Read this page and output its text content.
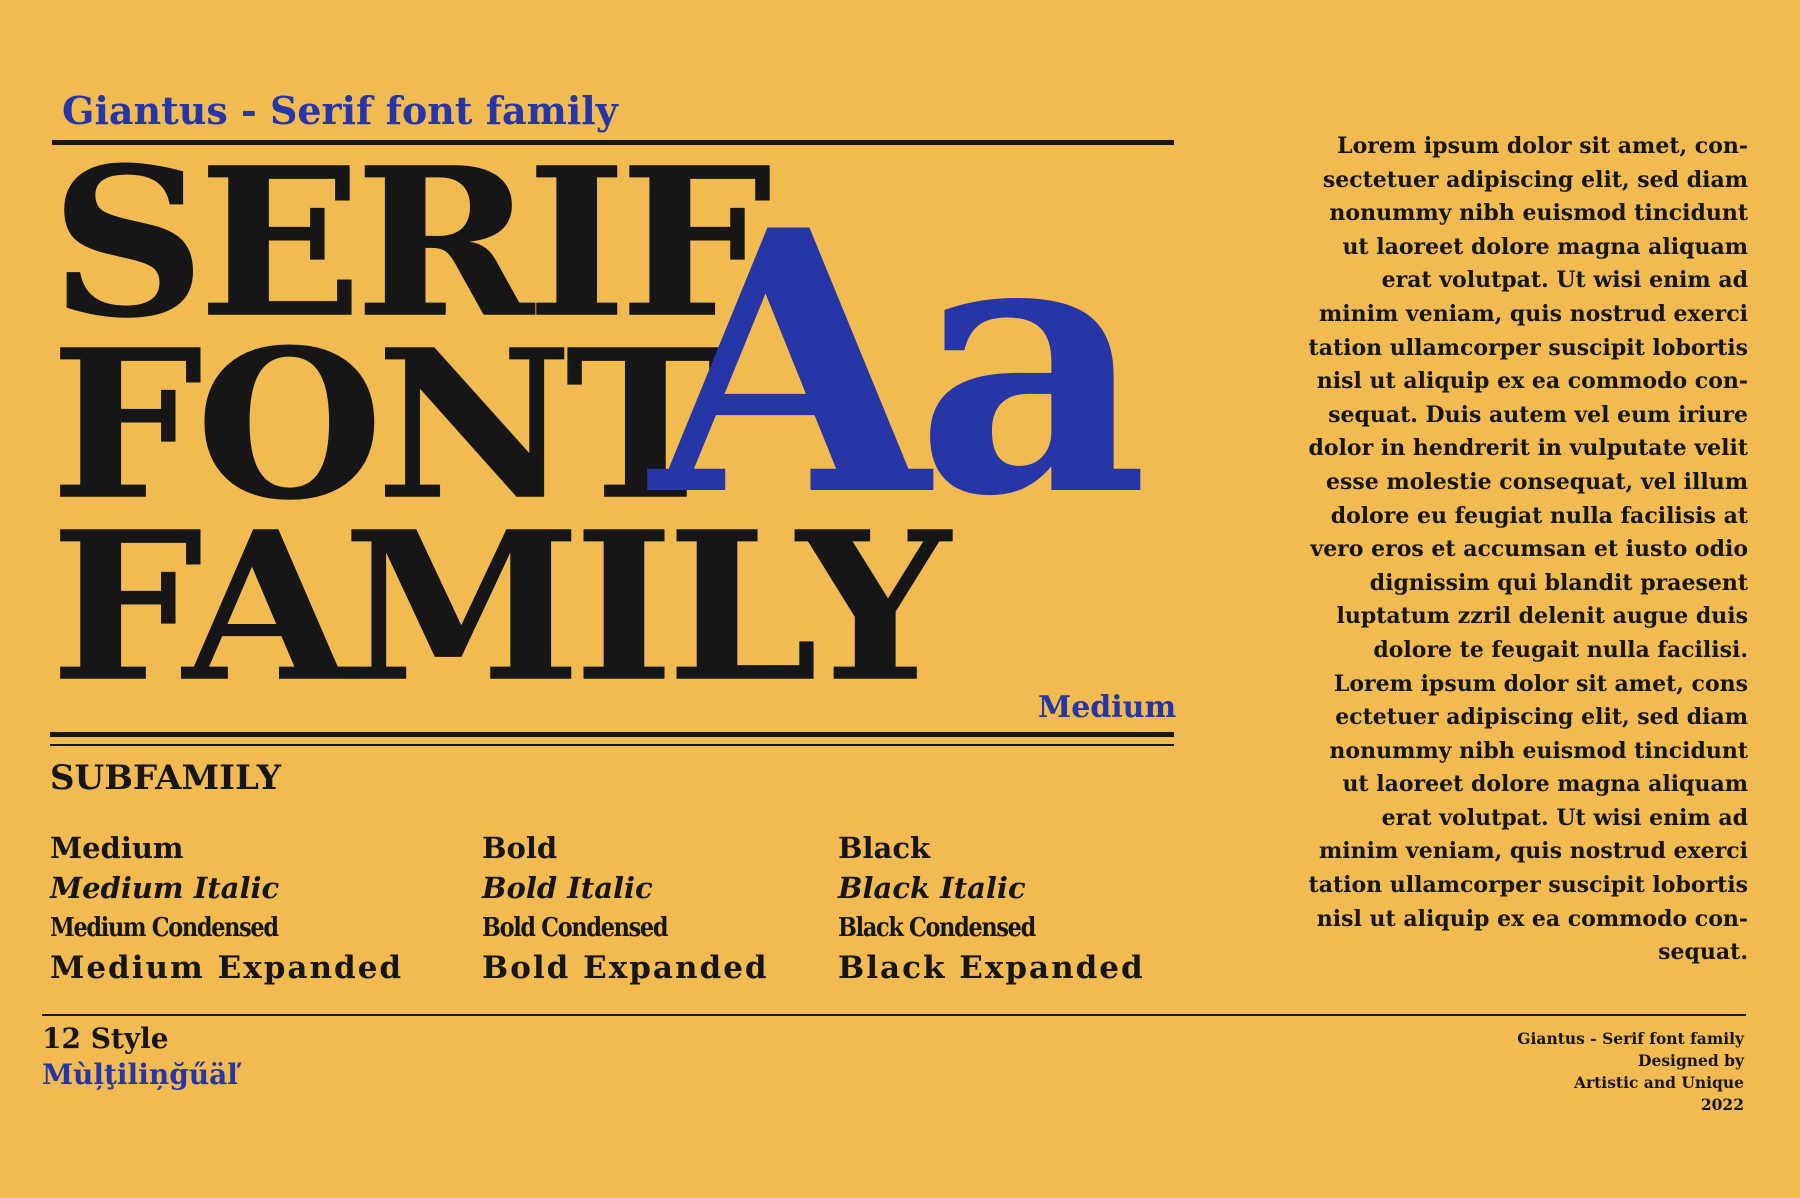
Giantus - Serif font family
SERIF
FONT
FAMILY
Aa
Medium
SUBFAMILY
Medium
Medium Italic
Medium Condensed
Medium Expanded
Bold
Bold Italic
Bold Condensed
Bold Expanded
Black
Black Italic
Black Condensed
Black Expanded
Lorem ipsum dolor sit amet, con-
sectetuer adipiscing elit, sed diam
nonummy nibh euismod tincidunt
ut laoreet dolore magna aliquam
erat volutpat. Ut wisi enim ad
minim veniam, quis nostrud exerci
tation ullamcorper suscipit lobortis
nisl ut aliquip ex ea commodo con-
sequat. Duis autem vel eum iriure
dolor in hendrerit in vulputate velit
esse molestie consequat, vel illum
dolore eu feugiat nulla facilisis at
vero eros et accumsan et iusto odio
dignissim qui blandit praesent
luptatum zzril delenit augue duis
dolore te feugait nulla facilisi.
Lorem ipsum dolor sit amet, cons
ectetuer adipiscing elit, sed diam
nonummy nibh euismod tincidunt
ut laoreet dolore magna aliquam
erat volutpat. Ut wisi enim ad
minim veniam, quis nostrud exerci
tation ullamcorper suscipit lobortis
nisl ut aliquip ex ea commodo con-
sequat.
12 Style
Mùļţiliņğűäľ
Giantus - Serif font family
Designed by
Artistic and Unique
2022
